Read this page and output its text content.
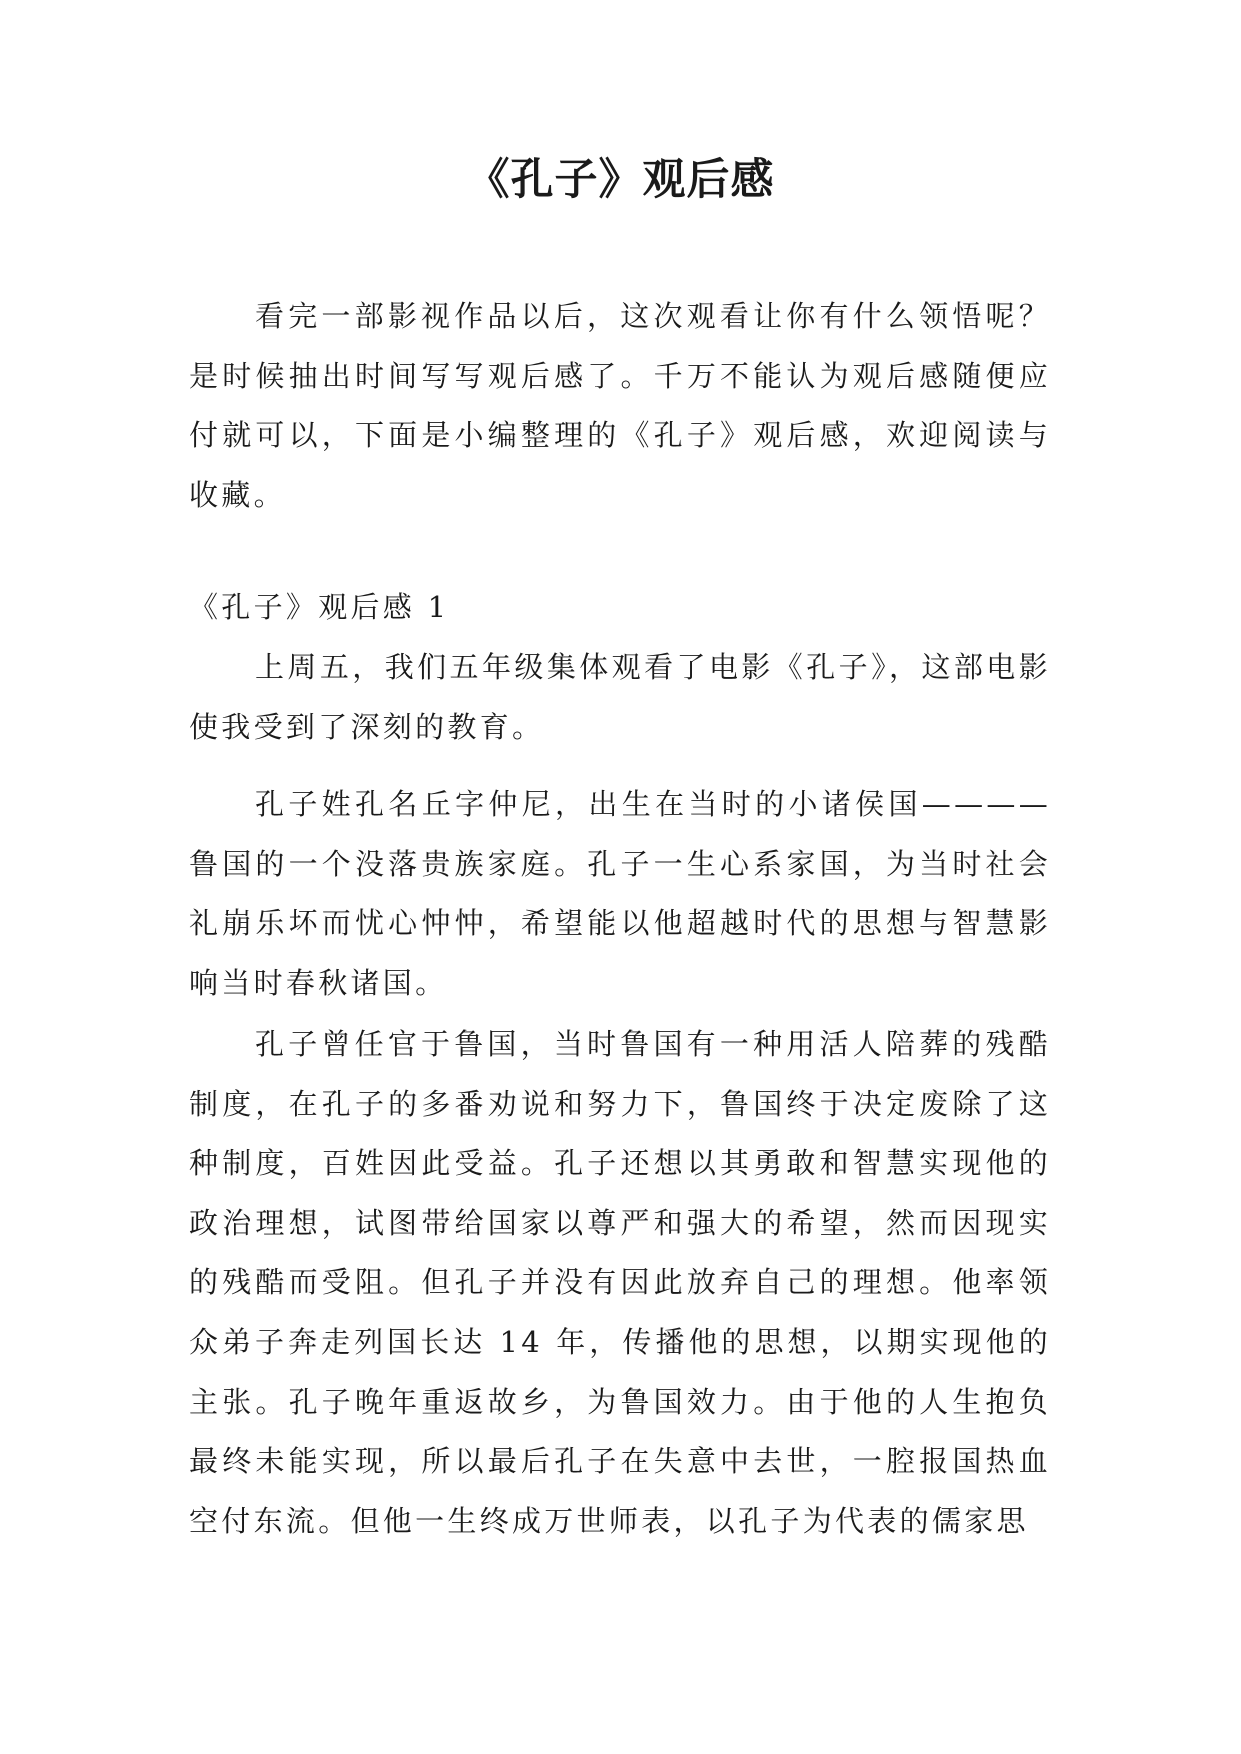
《孔子》观后感

看完一部影视作品以后，这次观看让你有什么领悟呢？是时候抽出时间写写观后感了。千万不能认为观后感随便应付就可以，下面是小编整理的《孔子》观后感，欢迎阅读与收藏。

《孔子》观后感 1

上周五，我们五年级集体观看了电影《孔子》，这部电影使我受到了深刻的教育。

孔子姓孔名丘字仲尼，出生在当时的小诸侯国————鲁国的一个没落贵族家庭。孔子一生心系家国，为当时社会礼崩乐坏而忧心忡忡，希望能以他超越时代的思想与智慧影响当时春秋诸国。

孔子曾任官于鲁国，当时鲁国有一种用活人陪葬的残酷制度，在孔子的多番劝说和努力下，鲁国终于决定废除了这种制度，百姓因此受益。孔子还想以其勇敢和智慧实现他的政治理想，试图带给国家以尊严和强大的希望，然而因现实的残酷而受阻。但孔子并没有因此放弃自己的理想。他率领众弟子奔走列国长达 14 年，传播他的思想，以期实现他的主张。孔子晚年重返故乡，为鲁国效力。由于他的人生抱负最终未能实现，所以最后孔子在失意中去世，一腔报国热血空付东流。但他一生终成万世师表，以孔子为代表的儒家思
